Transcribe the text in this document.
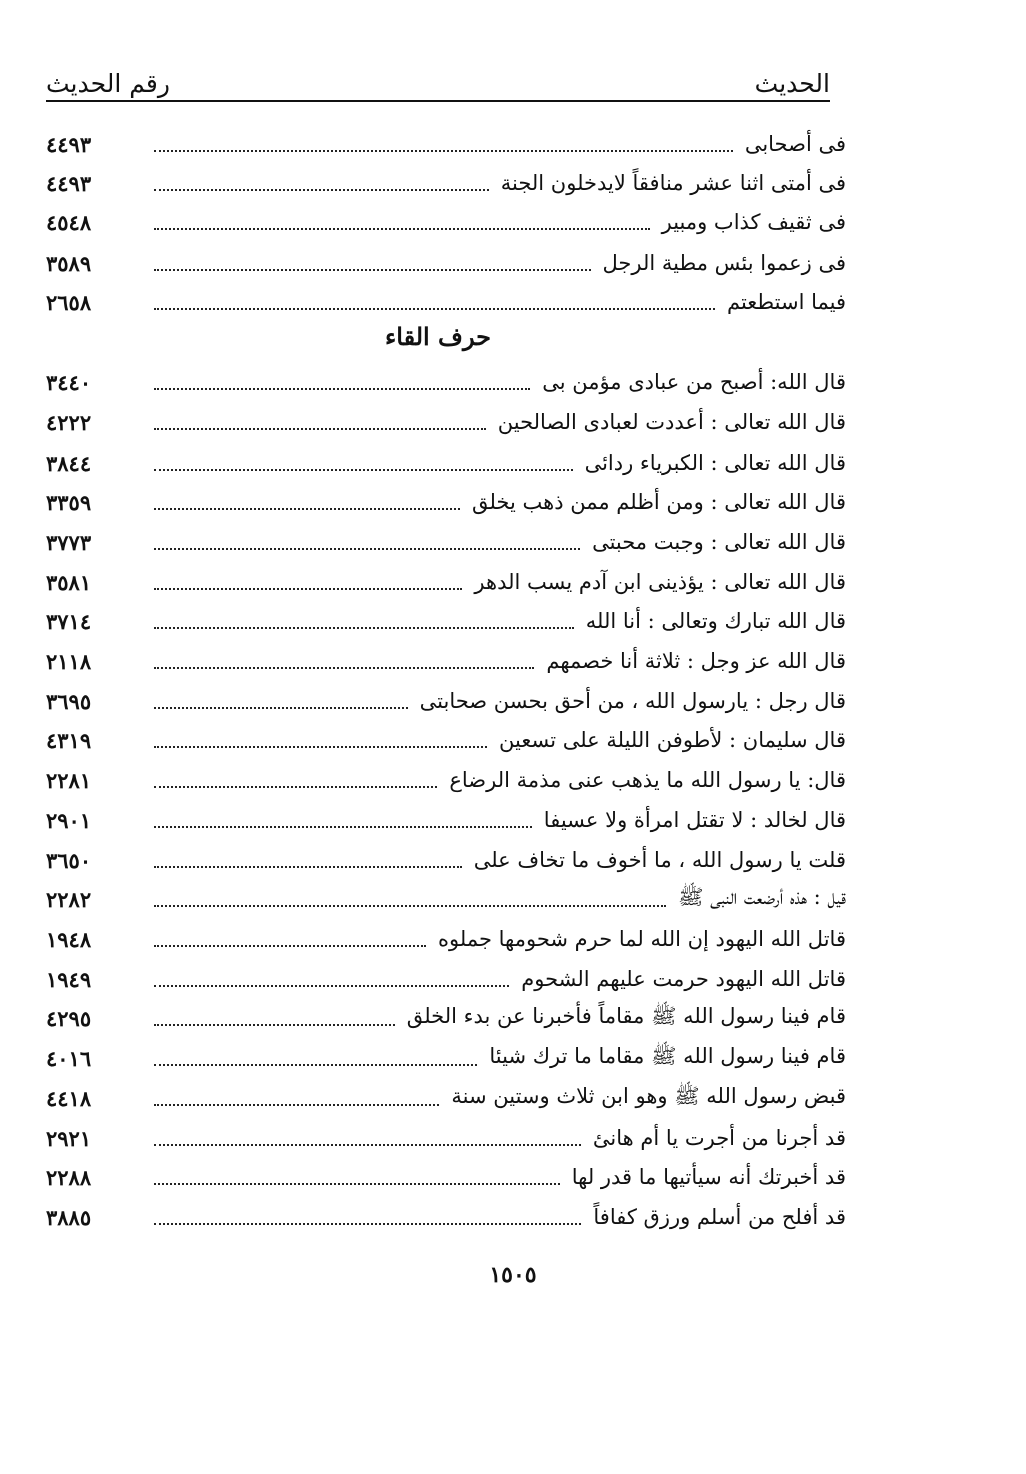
الحديث
رقم الحديث
فى أصحابى
٤٤٩٣
فى أمتى اثنا عشر منافقاً لايدخلون الجنة
٤٤٩٣
فى ثقيف كذاب ومبير
٤٥٤٨
فى زعموا بئس مطية الرجل
٣٥٨٩
فيما استطعتم
٢٦٥٨
حرف القاء
قال الله: أصبح من عبادى مؤمن بى
٣٤٤٠
قال الله تعالى : أعددت لعبادى الصالحين
٤٢٢٢
قال الله تعالى : الكبرياء ردائى
٣٨٤٤
قال الله تعالى : ومن أظلم ممن ذهب يخلق
٣٣٥٩
قال الله تعالى : وجبت محبتى
٣٧٧٣
قال الله تعالى : يؤذينى ابن آدم يسب الدهر
٣٥٨١
قال الله تبارك وتعالى : أنا الله
٣٧١٤
قال الله عز وجل : ثلاثة أنا خصمهم
٢١١٨
قال رجل : يارسول الله ، من أحق بحسن صحابتى
٣٦٩٥
قال سليمان : لأطوفن الليلة على تسعين
٤٣١٩
قال: يا رسول الله ما يذهب عنى مذمة الرضاع
٢٢٨١
قال لخالد : لا تقتل امرأة ولا عسيفا
٢٩٠١
قلت يا رسول الله ، ما أخوف ما تخاف على
٣٦٥٠
قيل : هذه أرضعت النبى ﷺ
٢٢٨٢
قاتل الله اليهود إن الله لما حرم شحومها جملوه
١٩٤٨
قاتل الله اليهود حرمت عليهم الشحوم
١٩٤٩
قام فينا رسول الله ﷺ مقاماً فأخبرنا عن بدء الخلق
٤٢٩٥
قام فينا رسول الله ﷺ مقاما ما ترك شيئا
٤٠١٦
قبض رسول الله ﷺ وهو ابن ثلاث وستين سنة
٤٤١٨
قد أجرنا من أجرت يا أم هانئ
٢٩٢١
قد أخبرتك أنه سيأتيها ما قدر لها
٢٢٨٨
قد أفلح من أسلم ورزق كفافاً
٣٨٨٥
١٥٠٥
